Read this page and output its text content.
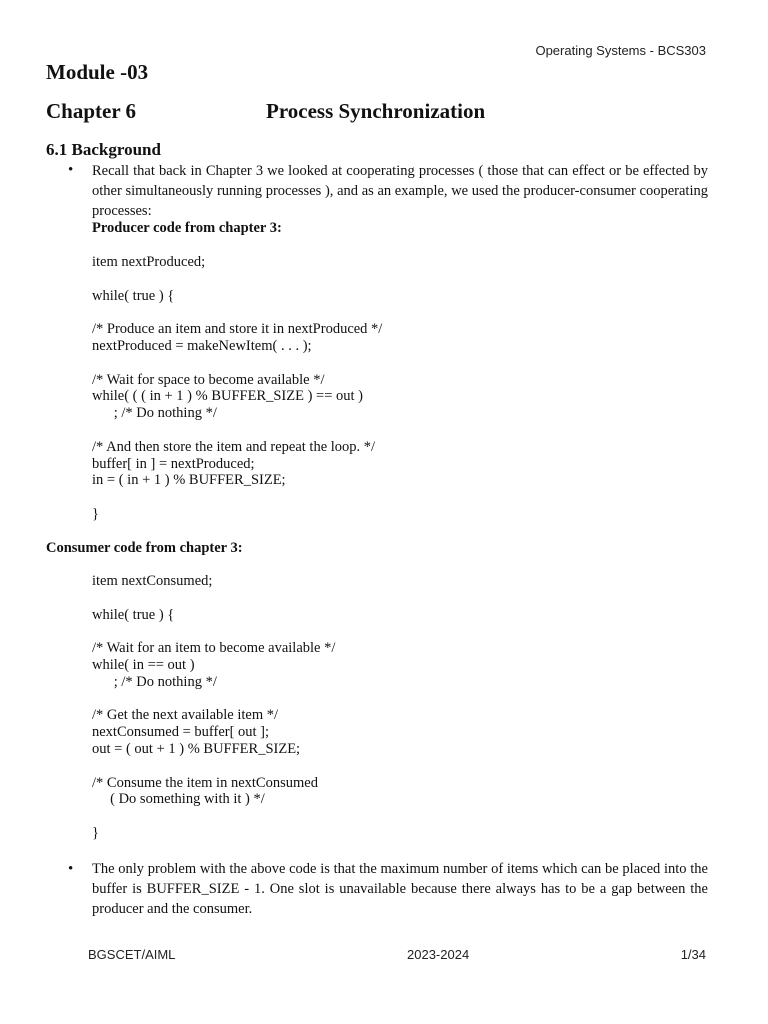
Operating Systems - BCS303
Module -03
Chapter 6	Process Synchronization
6.1 Background
• Recall that back in Chapter 3 we looked at cooperating processes ( those that can effect or be effected by other simultaneously running processes ), and as an example, we used the producer-consumer cooperating processes:
Producer code from chapter 3:
item nextProduced;

while( true ) {

/* Produce an item and store it in nextProduced */
nextProduced = makeNewItem( . . . );

/* Wait for space to become available */
while( ( ( in + 1 ) % BUFFER_SIZE ) == out )
; /* Do nothing */

/* And then store the item and repeat the loop. */
buffer[ in ] = nextProduced;
in = ( in + 1 ) % BUFFER_SIZE;

}
Consumer code from chapter 3:
item nextConsumed;

while( true ) {

/* Wait for an item to become available */
while( in == out )
; /* Do nothing */

/* Get the next available item */
nextConsumed = buffer[ out ];
out = ( out + 1 ) % BUFFER_SIZE;

/* Consume the item in nextConsumed
( Do something with it ) */

}
• The only problem with the above code is that the maximum number of items which can be placed into the buffer is BUFFER_SIZE - 1. One slot is unavailable because there always has to be a gap between the producer and the consumer.
BGSCET/AIML	2023-2024	1/34
